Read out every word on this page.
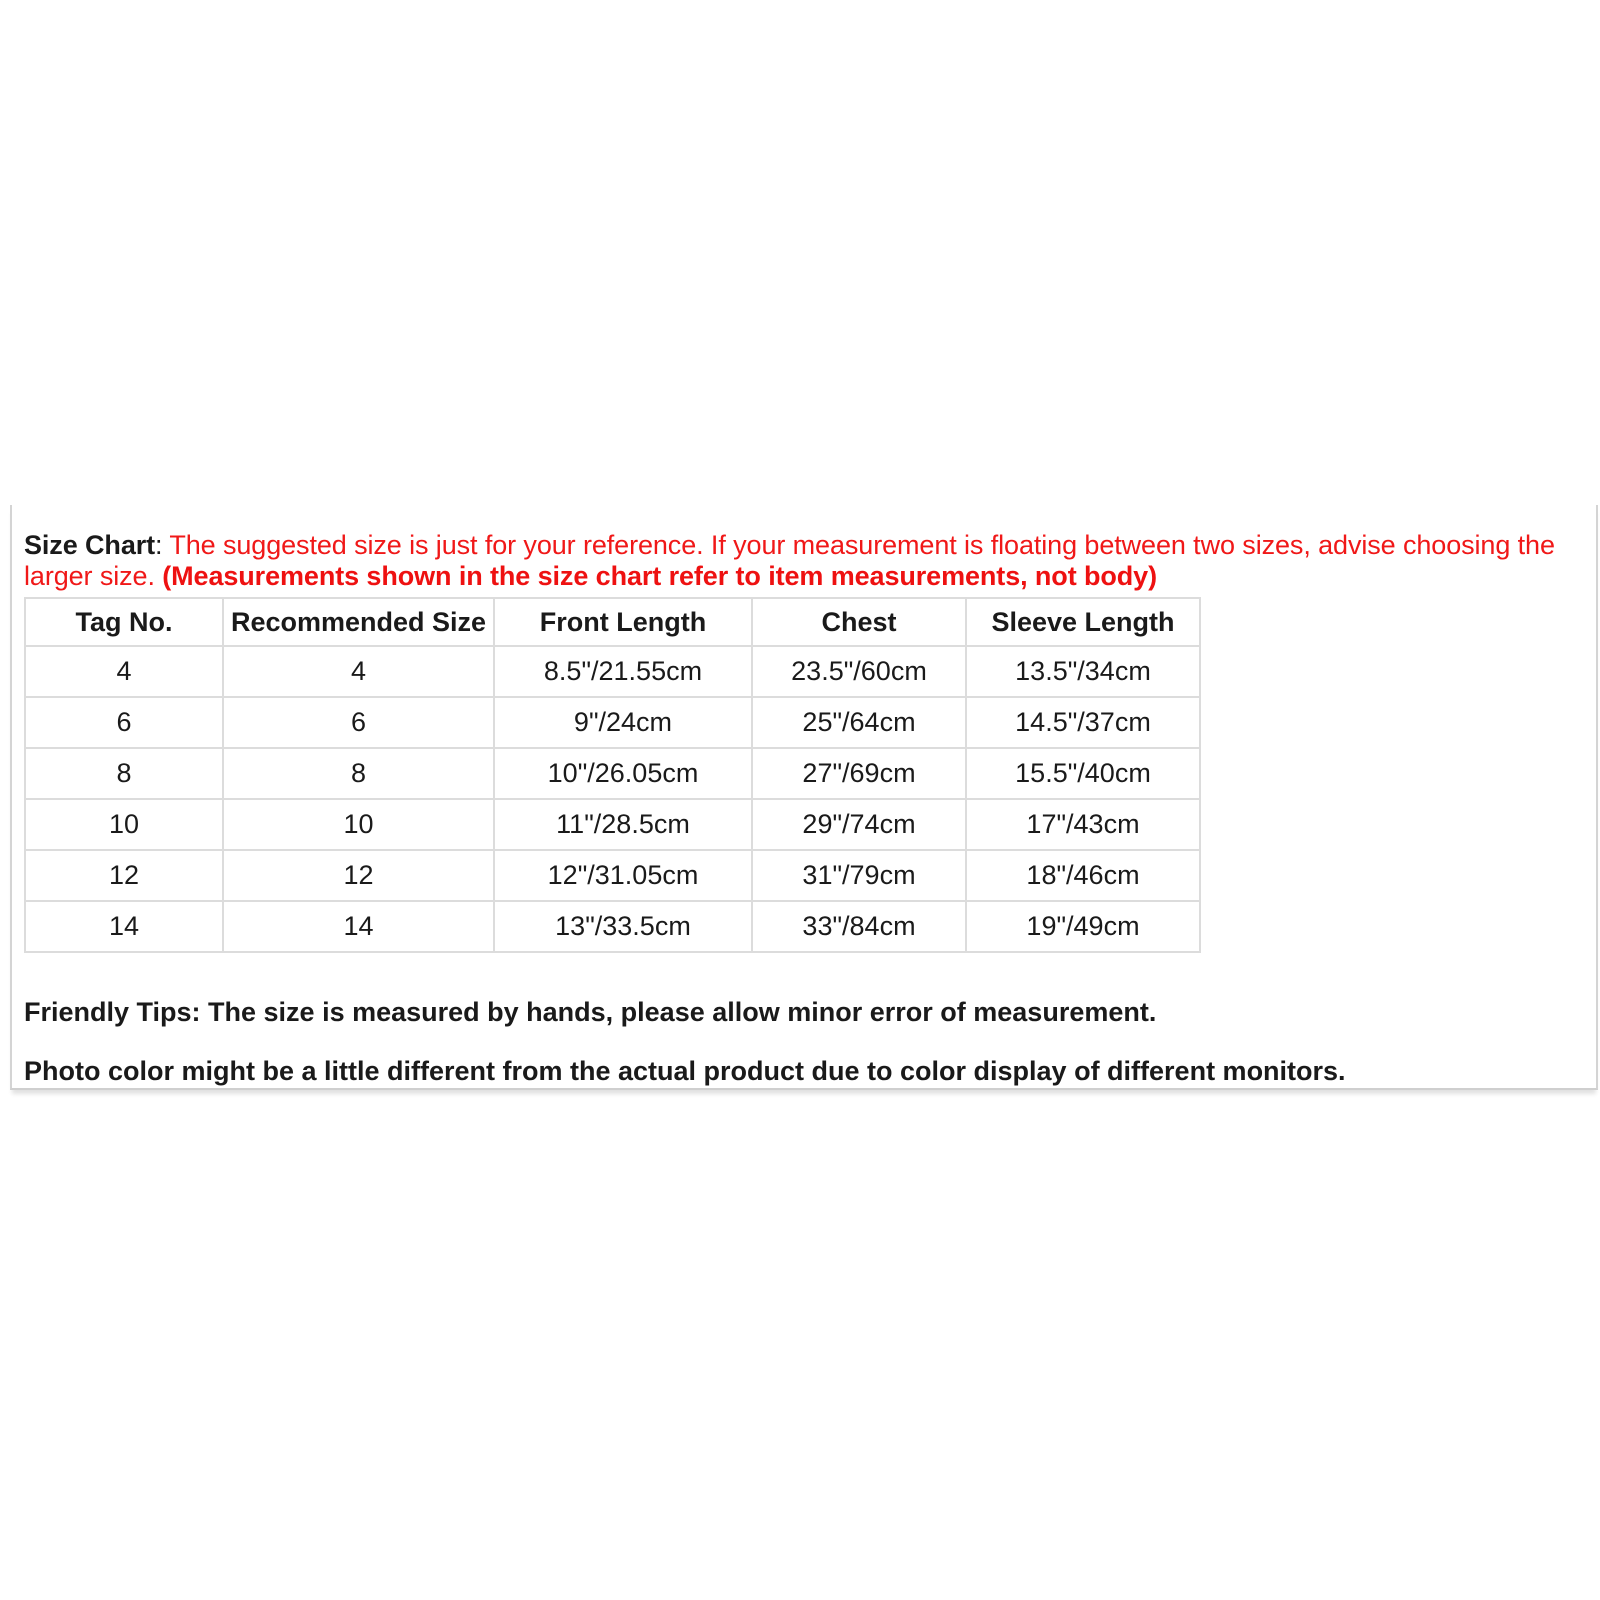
Size Chart: The suggested size is just for your reference. If your measurement is floating between two sizes, advise choosing the larger size. (Measurements shown in the size chart refer to item measurements, not body)
Tag No.	Recommended Size	Front Length	Chest	Sleeve Length
4	4	8.5"/21.55cm	23.5"/60cm	13.5"/34cm
6	6	9"/24cm	25"/64cm	14.5"/37cm
8	8	10"/26.05cm	27"/69cm	15.5"/40cm
10	10	11"/28.5cm	29"/74cm	17"/43cm
12	12	12"/31.05cm	31"/79cm	18"/46cm
14	14	13"/33.5cm	33"/84cm	19"/49cm
Friendly Tips: The size is measured by hands, please allow minor error of measurement.
Photo color might be a little different from the actual product due to color display of different monitors.
